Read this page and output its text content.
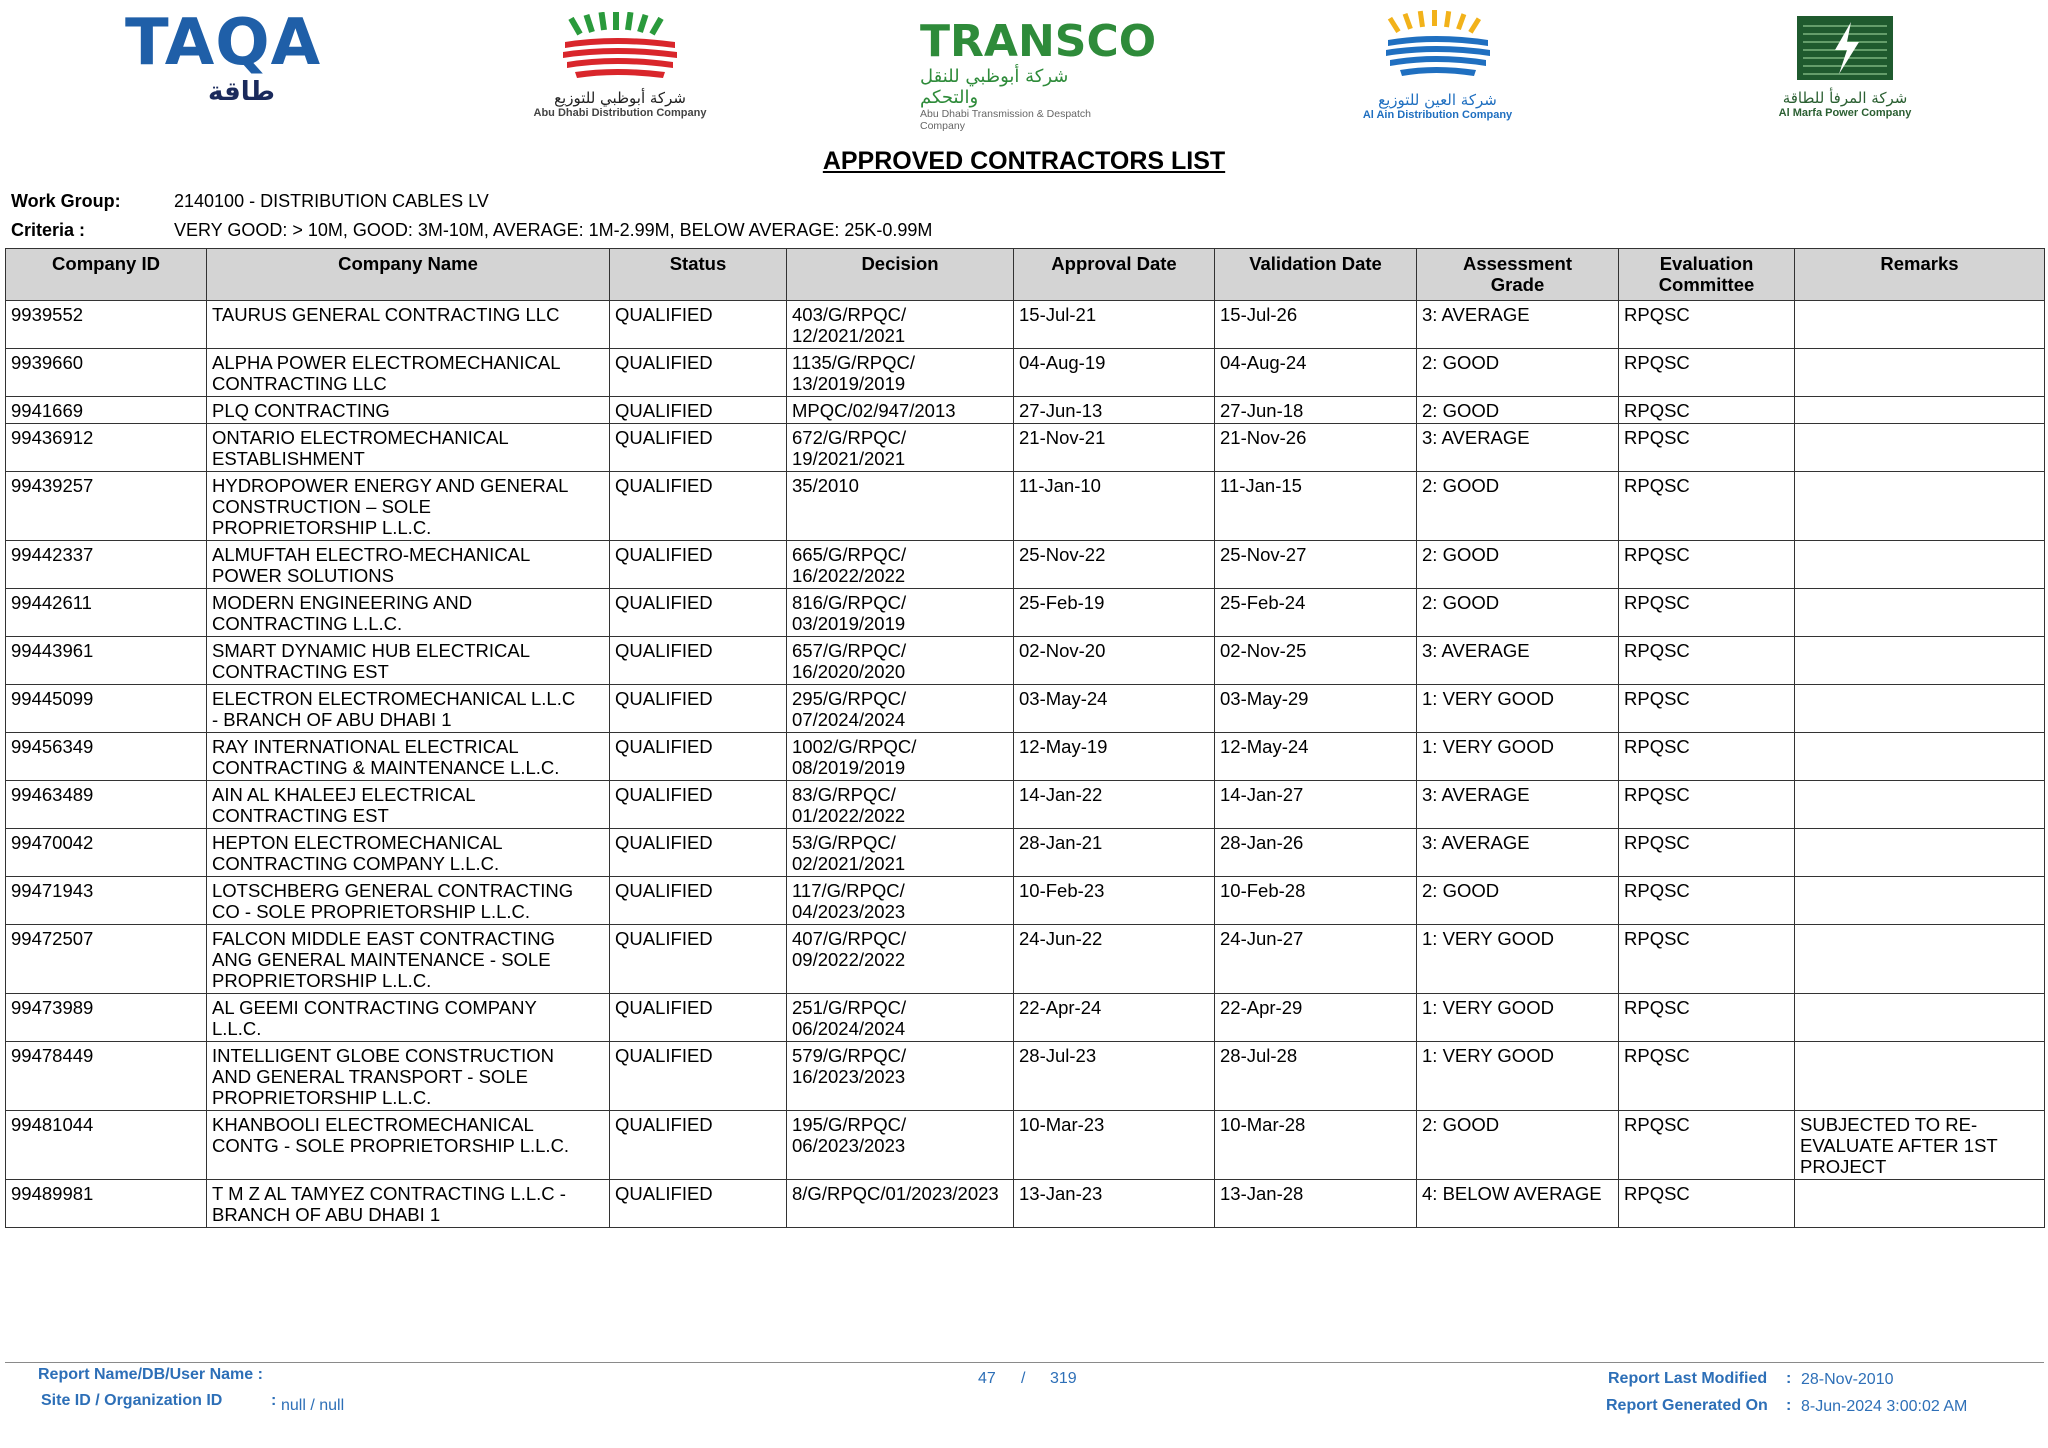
TAQA
طاقة	شركة أبوظبي للتوزيع
Abu Dhabi Distribution Company
TRANSCO
شركة أبوظبي للنقل والتحكم
Abu Dhabi Transmission & Despatch Company
شركة العين للتوزيع
Al Ain Distribution Company
شركة المرفأ للطاقة
Al Marfa Power Company
APPROVED CONTRACTORS LIST
Work Group:	2140100 - DISTRIBUTION CABLES LV
Criteria :	VERY GOOD: > 10M, GOOD: 3M-10M, AVERAGE: 1M-2.99M, BELOW AVERAGE: 25K-0.99M
Company ID	Company Name	Status	Decision	Approval Date	Validation Date	Assessment Grade	Evaluation Committee	Remarks
9939552	TAURUS GENERAL CONTRACTING LLC	QUALIFIED	403/G/RPQC/
12/2021/2021	15-Jul-21	15-Jul-26	3: AVERAGE	RPQSC	
9939660	ALPHA POWER ELECTROMECHANICAL
CONTRACTING LLC	QUALIFIED	1135/G/RPQC/
13/2019/2019	04-Aug-19	04-Aug-24	2: GOOD	RPQSC	
9941669	PLQ CONTRACTING	QUALIFIED	MPQC/02/947/2013	27-Jun-13	27-Jun-18	2: GOOD	RPQSC	
99436912	ONTARIO ELECTROMECHANICAL
ESTABLISHMENT	QUALIFIED	672/G/RPQC/
19/2021/2021	21-Nov-21	21-Nov-26	3: AVERAGE	RPQSC	
99439257	HYDROPOWER ENERGY AND GENERAL
CONSTRUCTION – SOLE
PROPRIETORSHIP L.L.C.	QUALIFIED	35/2010	11-Jan-10	11-Jan-15	2: GOOD	RPQSC	
99442337	ALMUFTAH ELECTRO-MECHANICAL
POWER SOLUTIONS	QUALIFIED	665/G/RPQC/
16/2022/2022	25-Nov-22	25-Nov-27	2: GOOD	RPQSC	
99442611	MODERN ENGINEERING AND
CONTRACTING L.L.C.	QUALIFIED	816/G/RPQC/
03/2019/2019	25-Feb-19	25-Feb-24	2: GOOD	RPQSC	
99443961	SMART DYNAMIC HUB ELECTRICAL
CONTRACTING EST	QUALIFIED	657/G/RPQC/
16/2020/2020	02-Nov-20	02-Nov-25	3: AVERAGE	RPQSC	
99445099	ELECTRON ELECTROMECHANICAL L.L.C
- BRANCH OF ABU DHABI 1	QUALIFIED	295/G/RPQC/
07/2024/2024	03-May-24	03-May-29	1: VERY GOOD	RPQSC	
99456349	RAY INTERNATIONAL ELECTRICAL
CONTRACTING & MAINTENANCE L.L.C.	QUALIFIED	1002/G/RPQC/
08/2019/2019	12-May-19	12-May-24	1: VERY GOOD	RPQSC	
99463489	AIN AL KHALEEJ ELECTRICAL
CONTRACTING EST	QUALIFIED	83/G/RPQC/
01/2022/2022	14-Jan-22	14-Jan-27	3: AVERAGE	RPQSC	
99470042	HEPTON ELECTROMECHANICAL
CONTRACTING COMPANY L.L.C.	QUALIFIED	53/G/RPQC/
02/2021/2021	28-Jan-21	28-Jan-26	3: AVERAGE	RPQSC	
99471943	LOTSCHBERG GENERAL CONTRACTING
CO - SOLE PROPRIETORSHIP L.L.C.	QUALIFIED	117/G/RPQC/
04/2023/2023	10-Feb-23	10-Feb-28	2: GOOD	RPQSC	
99472507	FALCON MIDDLE EAST CONTRACTING
ANG GENERAL MAINTENANCE - SOLE
PROPRIETORSHIP L.L.C.	QUALIFIED	407/G/RPQC/
09/2022/2022	24-Jun-22	24-Jun-27	1: VERY GOOD	RPQSC	
99473989	AL GEEMI CONTRACTING COMPANY
L.L.C.	QUALIFIED	251/G/RPQC/
06/2024/2024	22-Apr-24	22-Apr-29	1: VERY GOOD	RPQSC	
99478449	INTELLIGENT GLOBE CONSTRUCTION
AND GENERAL TRANSPORT - SOLE
PROPRIETORSHIP L.L.C.	QUALIFIED	579/G/RPQC/
16/2023/2023	28-Jul-23	28-Jul-28	1: VERY GOOD	RPQSC	
99481044	KHANBOOLI ELECTROMECHANICAL
CONTG - SOLE PROPRIETORSHIP L.L.C.	QUALIFIED	195/G/RPQC/
06/2023/2023	10-Mar-23	10-Mar-28	2: GOOD	RPQSC	SUBJECTED TO RE-
EVALUATE AFTER 1ST
PROJECT
99489981	T M Z AL TAMYEZ CONTRACTING L.L.C -
BRANCH OF ABU DHABI 1	QUALIFIED	8/G/RPQC/01/2023/2023	13-Jan-23	13-Jan-28	4: BELOW AVERAGE	RPQSC	
Report Name/DB/User Name :
Site ID / Organization ID	: null / null
47 / 319	Report Last Modified : 28-Nov-2010
Report Generated On : 8-Jun-2024 3:00:02 AM
